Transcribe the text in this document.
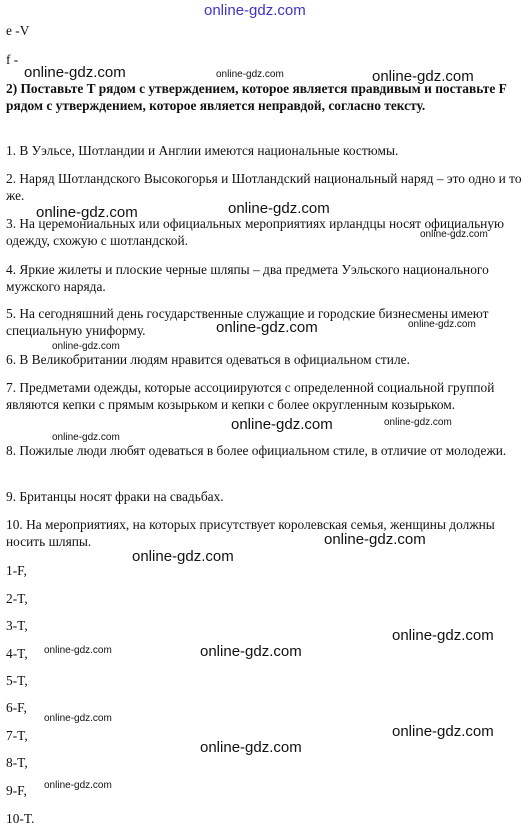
online-gdz.com
e -V
f -
2) Поставьте T рядом с утверждением, которое является правдивым и поставьте F рядом с утверждением, которое является неправдой, согласно тексту.
1. В Уэльсе, Шотландии и Англии имеются национальные костюмы.
2. Наряд Шотландского Высокогорья и Шотландский национальный наряд – это одно и то же.
3. На церемониальных или официальных мероприятиях ирландцы носят официальную одежду, схожую с шотландской.
4. Яркие жилеты и плоские черные шляпы – два предмета Уэльского национального мужского наряда.
5. На сегодняшний день государственные служащие и городские бизнесмены имеют специальную униформу.
6. В Великобритании людям нравится одеваться в официальном стиле.
7. Предметами одежды, которые ассоциируются с определенной социальной группой являются кепки с прямым козырьком и кепки с более округленным козырьком.
8. Пожилые люди любят одеваться в более официальном стиле, в отличие от молодежи.
9. Британцы носят фраки на свадьбах.
10. На мероприятиях, на которых присутствует королевская семья, женщины должны носить шляпы.
1-F,
2-T,
3-T,
4-T,
5-T,
6-F,
7-T,
8-T,
9-F,
10-T.
online-gdz.com	online-gdz.com	online-gdz.com
online-gdz.com	online-gdz.com
online-gdz.com
online-gdz.com	online-gdz.com
online-gdz.com
online-gdz.com	online-gdz.com
online-gdz.com
online-gdz.com
online-gdz.com
online-gdz.com
online-gdz.com	online-gdz.com
online-gdz.com
online-gdz.com
online-gdz.com
online-gdz.com
